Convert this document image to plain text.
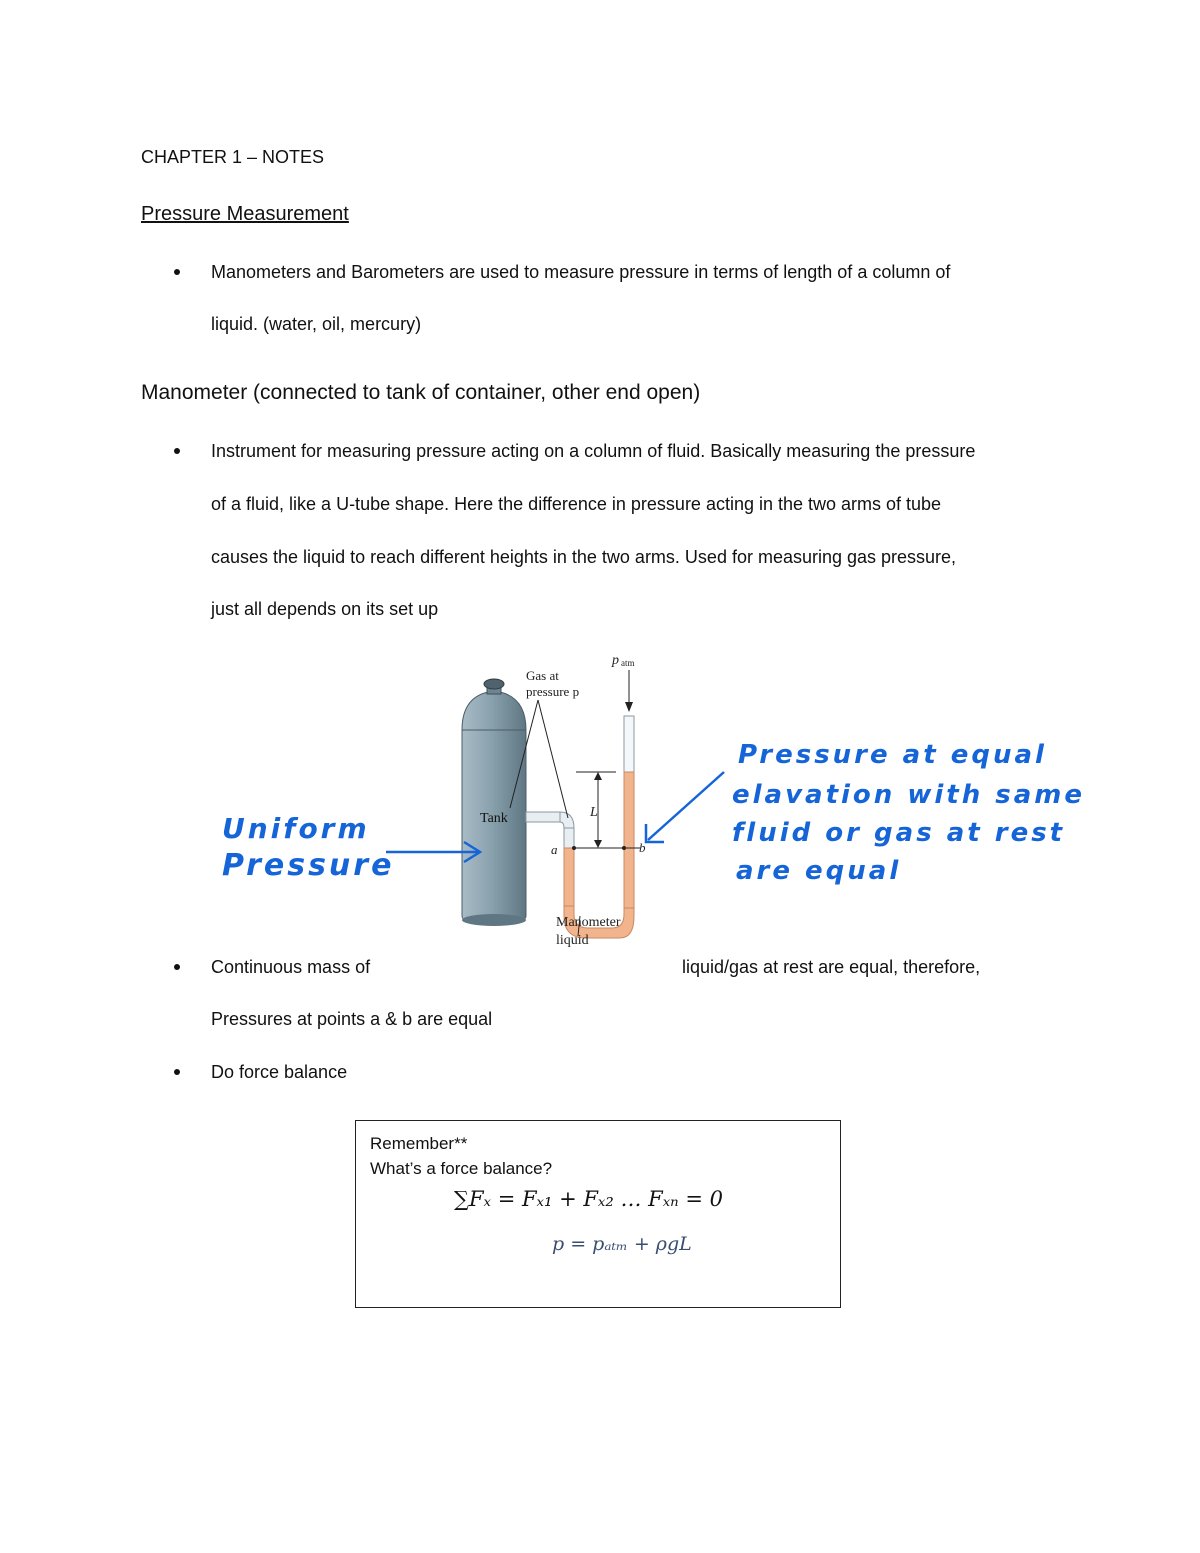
CHAPTER 1 – NOTES
Pressure Measurement
Manometers and Barometers are used to measure pressure in terms of length of a column of
liquid. (water, oil, mercury)
Manometer (connected to tank of container, other end open)
Instrument for measuring pressure acting on a column of fluid. Basically measuring the pressure
of a fluid, like a U-tube shape. Here the difference in pressure acting in the two arms of tube
causes the liquid to reach different heights in the two arms. Used for measuring gas pressure,
just all depends on its set up
Gas at
pressure p
p atm
Tank	L
a	b
Manometer
liquid
Uniform
Pressure
Pressure at equal
elavation with same
fluid or gas at rest
are equal
Continuous mass of	liquid/gas at rest are equal, therefore,
Pressures at points a & b are equal
Do force balance
Remember**
What’s a force balance?
∑Fₓ = Fₓ₁ + Fₓ₂ … Fₓₙ = 0
p = pₐₜₘ + ρgL
